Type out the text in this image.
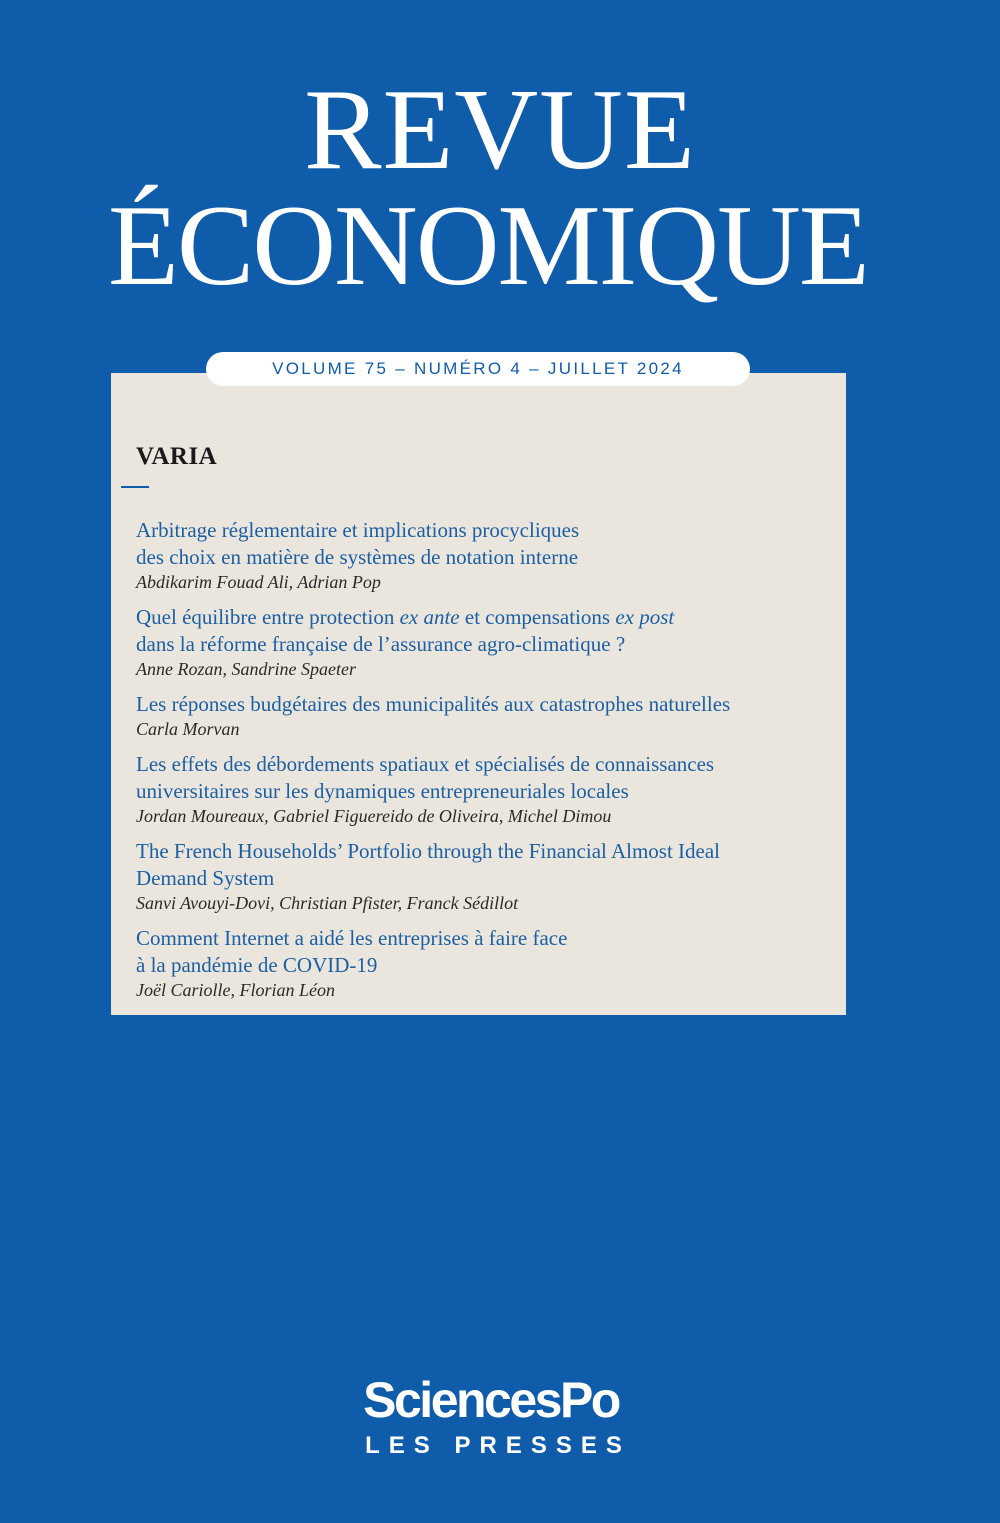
REVUE
ÉCONOMIQUE
VOLUME 75 – NUMÉRO 4 – JUILLET 2024
VARIA
Arbitrage réglementaire et implications procycliques
des choix en matière de systèmes de notation interne
Abdikarim Fouad Ali, Adrian Pop
Quel équilibre entre protection ex ante et compensations ex post
dans la réforme française de l’assurance agro-climatique ?
Anne Rozan, Sandrine Spaeter
Les réponses budgétaires des municipalités aux catastrophes naturelles
Carla Morvan
Les effets des débordements spatiaux et spécialisés de connaissances
universitaires sur les dynamiques entrepreneuriales locales
Jordan Moureaux, Gabriel Figuereido de Oliveira, Michel Dimou
The French Households’ Portfolio through the Financial Almost Ideal
Demand System
Sanvi Avouyi-Dovi, Christian Pfister, Franck Sédillot
Comment Internet a aidé les entreprises à faire face
à la pandémie de COVID-19
Joël Cariolle, Florian Léon
SciencesPo
LES PRESSES
